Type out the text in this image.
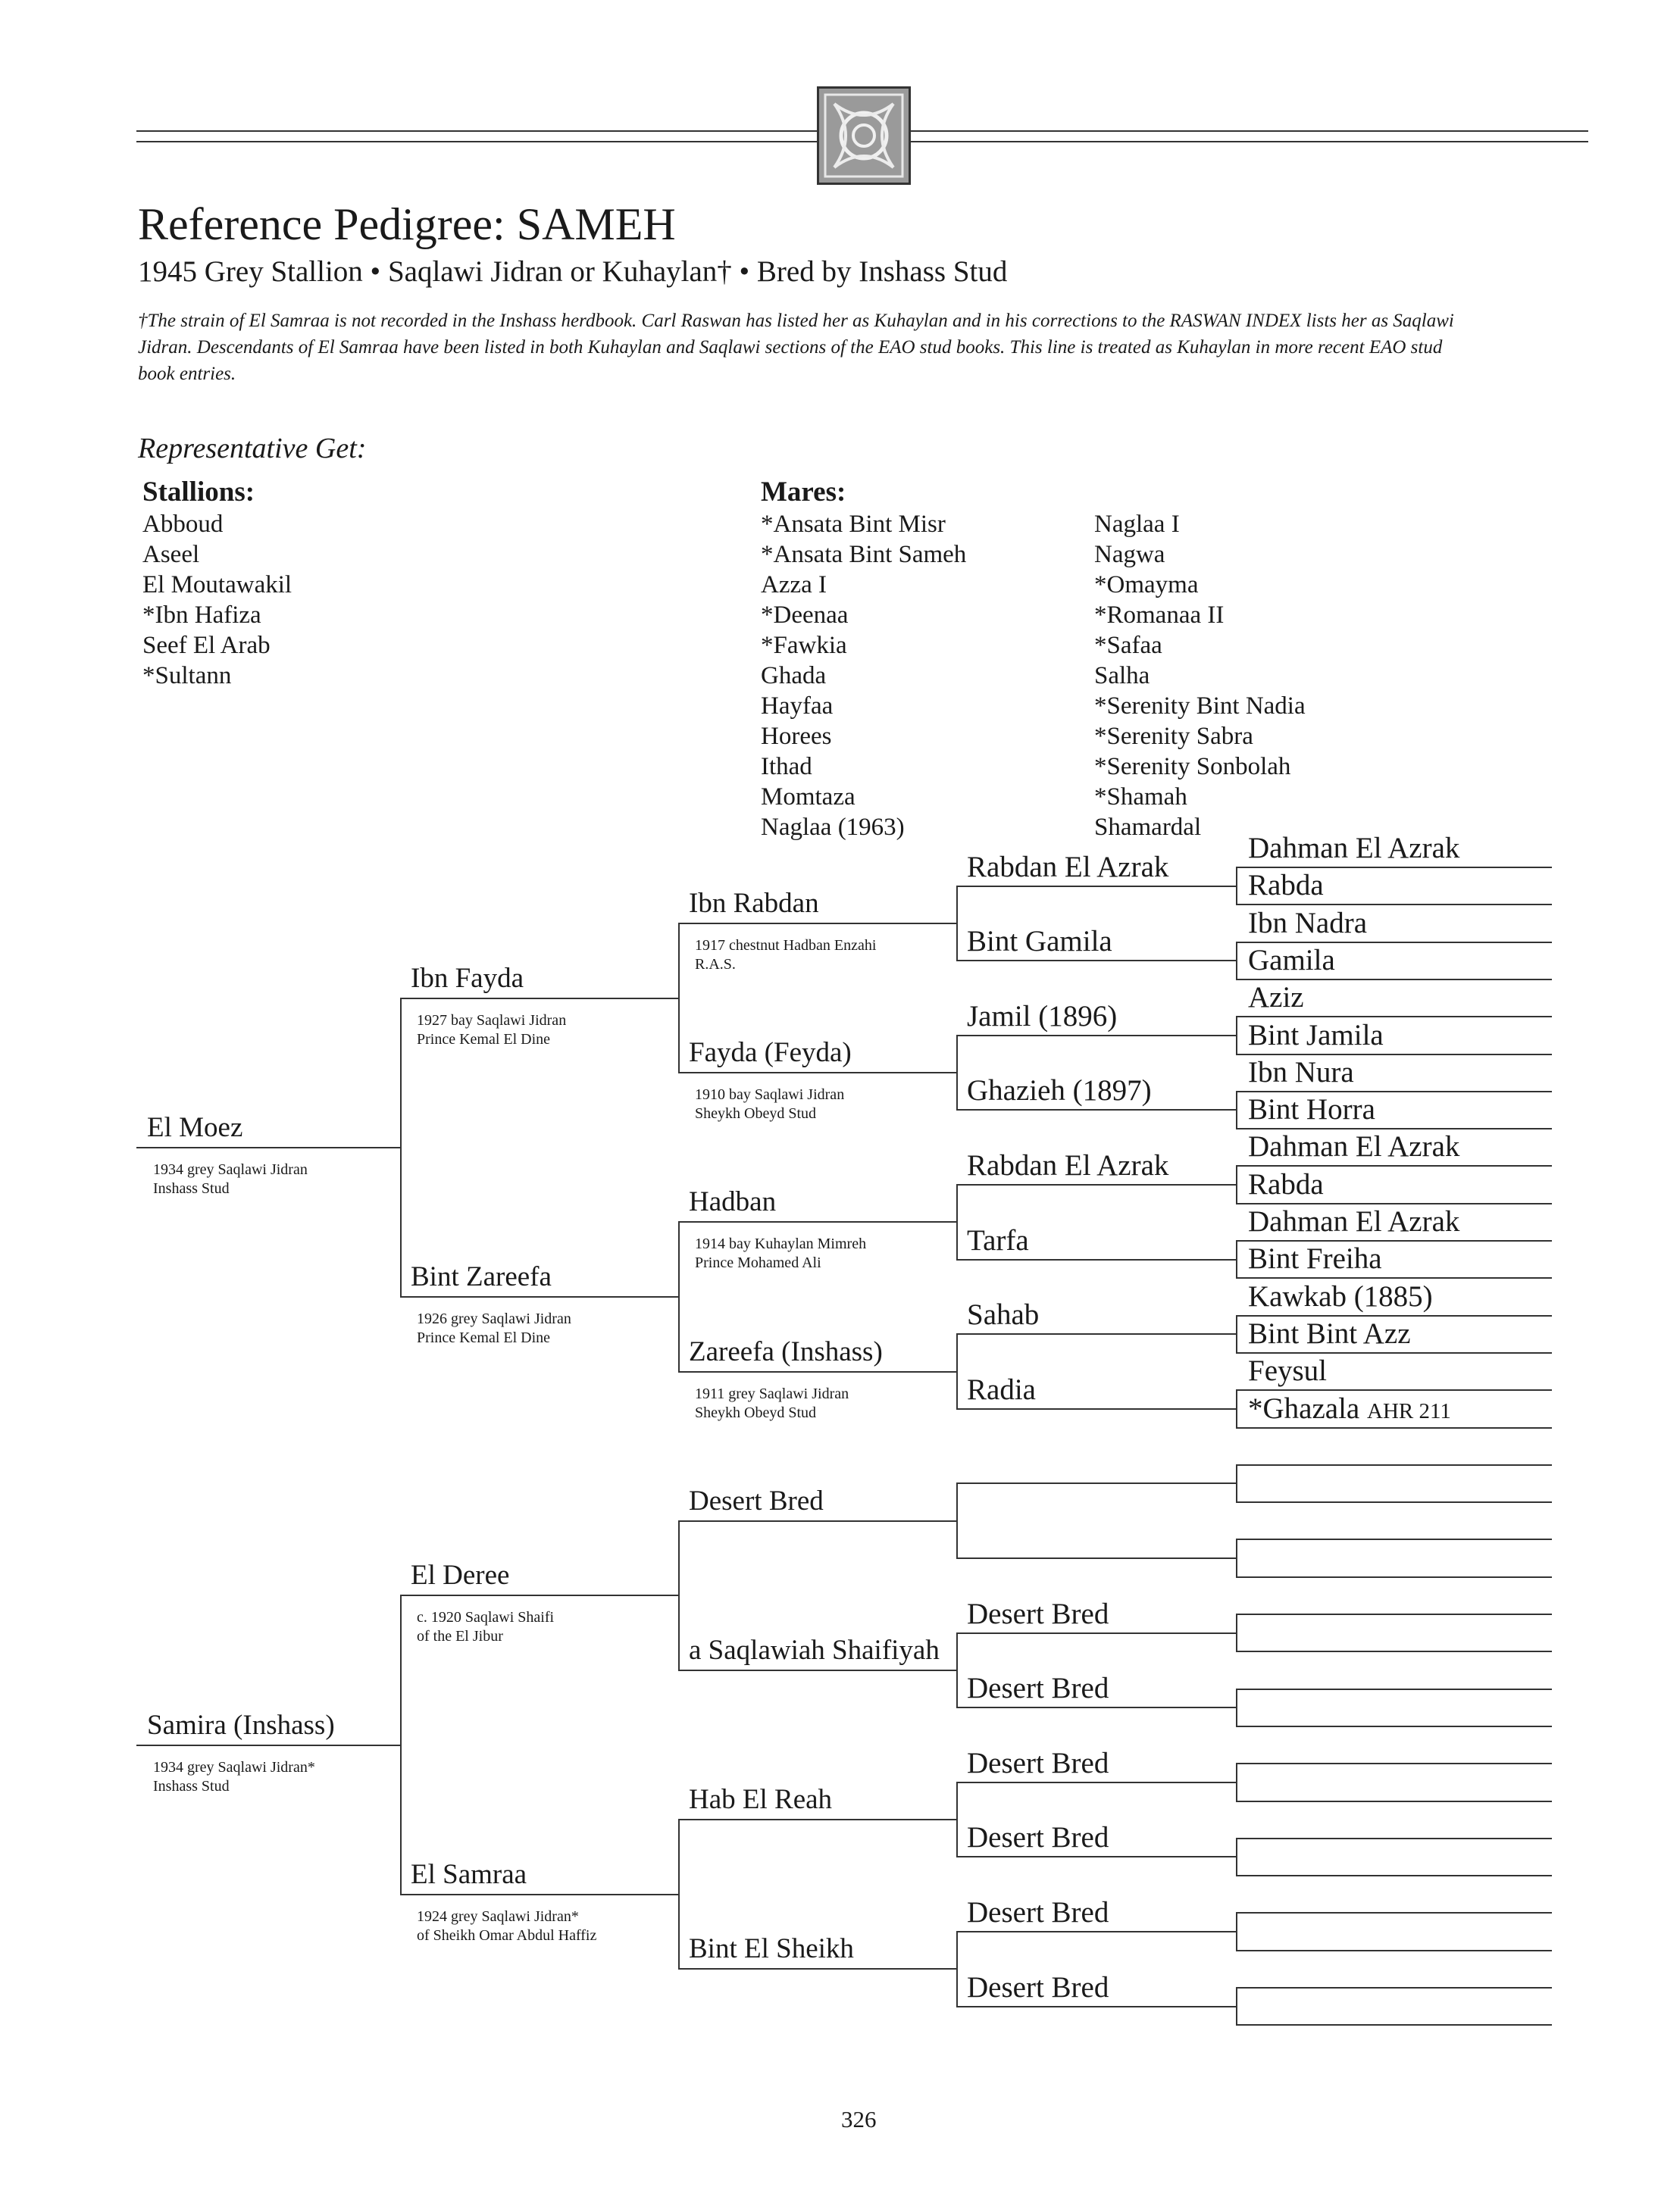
Reference Pedigree: SAMEH
1945 Grey Stallion • Saqlawi Jidran or Kuhaylan† • Bred by Inshass Stud
†The strain of El Samraa is not recorded in the Inshass herdbook. Carl Raswan has listed her as Kuhaylan and in his corrections to the RASWAN INDEX lists her as Saqlawi Jidran. Descendants of El Samraa have been listed in both Kuhaylan and Saqlawi sections of the EAO stud books. This line is treated as Kuhaylan in more recent EAO stud book entries.
Representative Get:
Stallions:
Abboud
Aseel
El Moutawakil
*Ibn Hafiza
Seef El Arab
*Sultann
Mares:
*Ansata Bint Misr
*Ansata Bint Sameh
Azza I
*Deenaa
*Fawkia
Ghada
Hayfaa
Horees
Ithad
Momtaza
Naglaa (1963)
Naglaa I
Nagwa
*Omayma
*Romanaa II
*Safaa
Salha
*Serenity Bint Nadia
*Serenity Sabra
*Serenity Sonbolah
*Shamah
Shamardal
El Moez
1934 grey Saqlawi Jidran
Inshass Stud
Samira (Inshass)
1934 grey Saqlawi Jidran*
Inshass Stud
Ibn Fayda
1927 bay Saqlawi Jidran
Prince Kemal El Dine
Bint Zareefa
1926 grey Saqlawi Jidran
Prince Kemal El Dine
El Deree
c. 1920 Saqlawi Shaifi
of the El Jibur
El Samraa
1924 grey Saqlawi Jidran*
of Sheikh Omar Abdul Haffiz
Ibn Rabdan
1917 chestnut Hadban Enzahi
R.A.S.
Fayda (Feyda)
1910 bay Saqlawi Jidran
Sheykh Obeyd Stud
Hadban
1914 bay Kuhaylan Mimreh
Prince Mohamed Ali
Zareefa (Inshass)
1911 grey Saqlawi Jidran
Sheykh Obeyd Stud
Desert Bred
a Saqlawiah Shaifiyah
Hab El Reah
Bint El Sheikh
Rabdan El Azrak
Bint Gamila
Jamil (1896)
Ghazieh (1897)
Rabdan El Azrak
Tarfa
Sahab
Radia
Desert Bred
Desert Bred
Desert Bred
Desert Bred
Desert Bred
Desert Bred
Dahman El Azrak
Rabda
Ibn Nadra
Gamila
Aziz
Bint Jamila
Ibn Nura
Bint Horra
Dahman El Azrak
Rabda
Dahman El Azrak
Bint Freiha
Kawkab (1885)
Bint Bint Azz
Feysul
*Ghazala AHR 211
326
